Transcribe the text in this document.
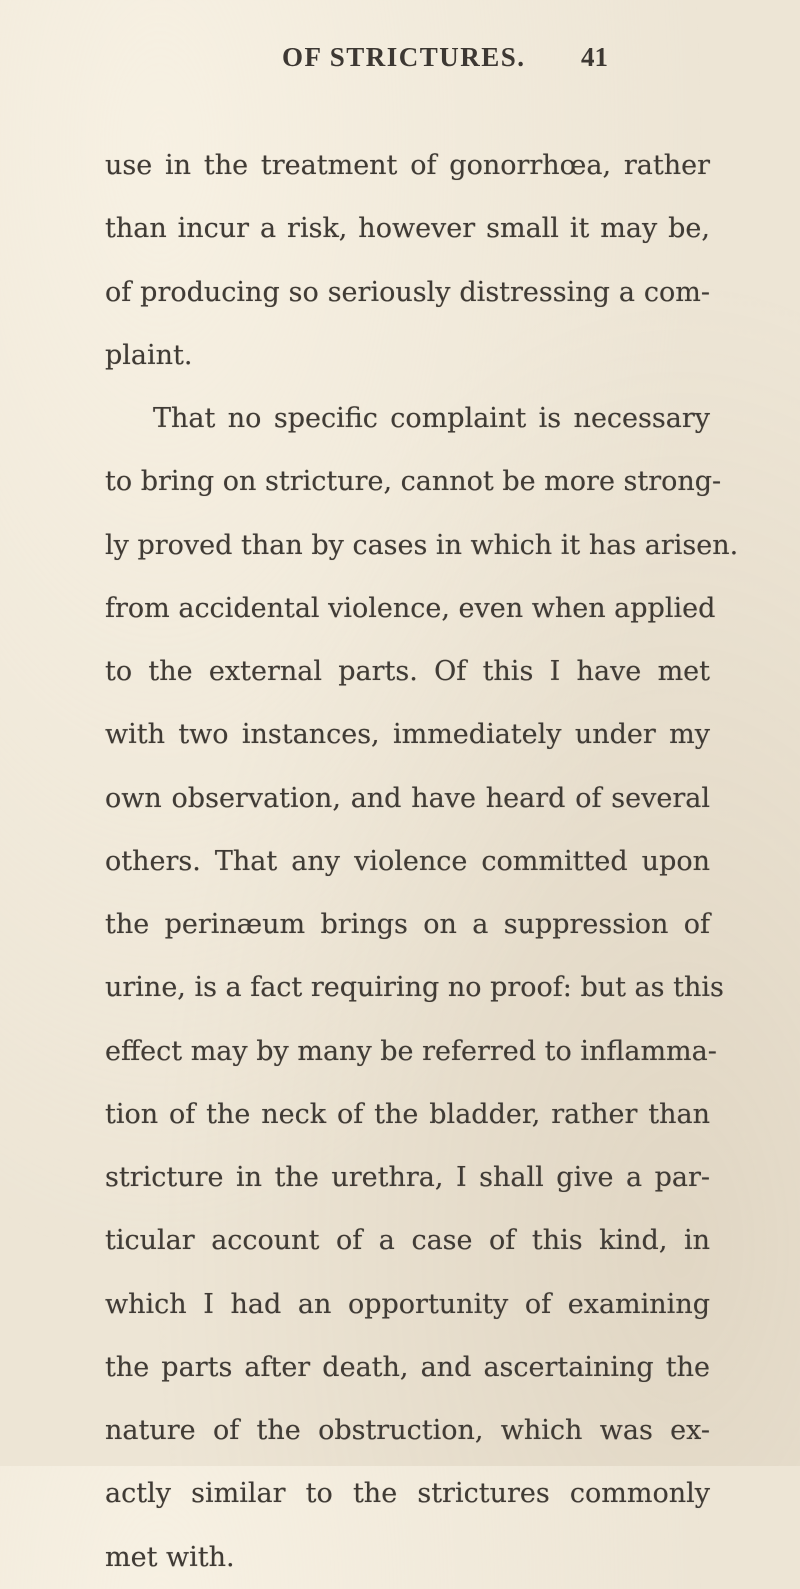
OF STRICTURES. 41
use in the treatment of gonorrhœa, rather
than incur a risk, however small it may be,
of producing so seriously distressing a com-
plaint.
That no specific complaint is necessary
to bring on stricture, cannot be more strong-
ly proved than by cases in which it has arisen.
from accidental violence, even when applied
to the external parts. Of this I have met
with two instances, immediately under my
own observation, and have heard of several
others. That any violence committed upon
the perinæum brings on a suppression of
urine, is a fact requiring no proof: but as this
effect may by many be referred to inflamma-
tion of the neck of the bladder, rather than
stricture in the urethra, I shall give a par-
ticular account of a case of this kind, in
which I had an opportunity of examining
the parts after death, and ascertaining the
nature of the obstruction, which was ex-
actly similar to the strictures commonly
met with.
